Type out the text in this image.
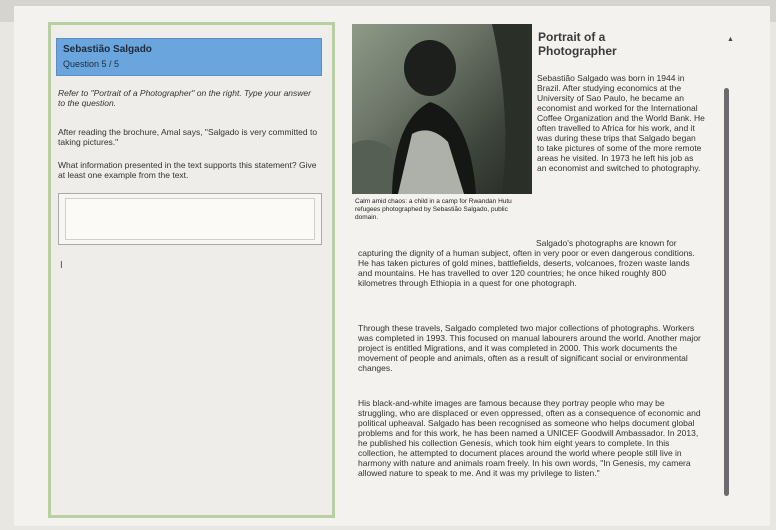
Sebastião Salgado
Question 5 / 5
Refer to "Portrait of a Photographer" on the right. Type your answer to the question.
After reading the brochure, Amal says, "Salgado is very committed to taking pictures."
What information presented in the text supports this statement? Give at least one example from the text.
I
Calm amid chaos: a child in a camp for Rwandan Hutu refugees photographed by Sebastião Salgado, public domain.
Portrait of a
Photographer

Sebastião Salgado was born in 1944 in Brazil. After studying economics at the University of Sao Paulo, he became an economist and worked for the International Coffee Organization and the World Bank. He often travelled to Africa for his work, and it was during these trips that Salgado began to take pictures of some of the more remote areas he visited. In 1973 he left his job as an economist and switched to photography.

Salgado's photographs are known for capturing the dignity of a human subject, often in very poor or even dangerous conditions. He has taken pictures of gold mines, battlefields, deserts, volcanoes, frozen waste lands and mountains. He has travelled to over 120 countries; he once hiked roughly 800 kilometres through Ethiopia in a quest for one photograph.

Through these travels, Salgado completed two major collections of photographs. Workers was completed in 1993. This focused on manual labourers around the world. Another major project is entitled Migrations, and it was completed in 2000. This work documents the movement of people and animals, often as a result of significant social or environmental changes.

His black-and-white images are famous because they portray people who may be struggling, who are displaced or even oppressed, often as a consequence of economic and political upheaval. Salgado has been recognised as someone who helps document global problems and for this work, he has been named a UNICEF Goodwill Ambassador. In 2013, he published his collection Genesis, which took him eight years to complete. In this collection, he attempted to document places around the world where people still live in harmony with nature and animals roam freely. In his own words, "In Genesis, my camera allowed nature to speak to me. And it was my privilege to listen."

▲
